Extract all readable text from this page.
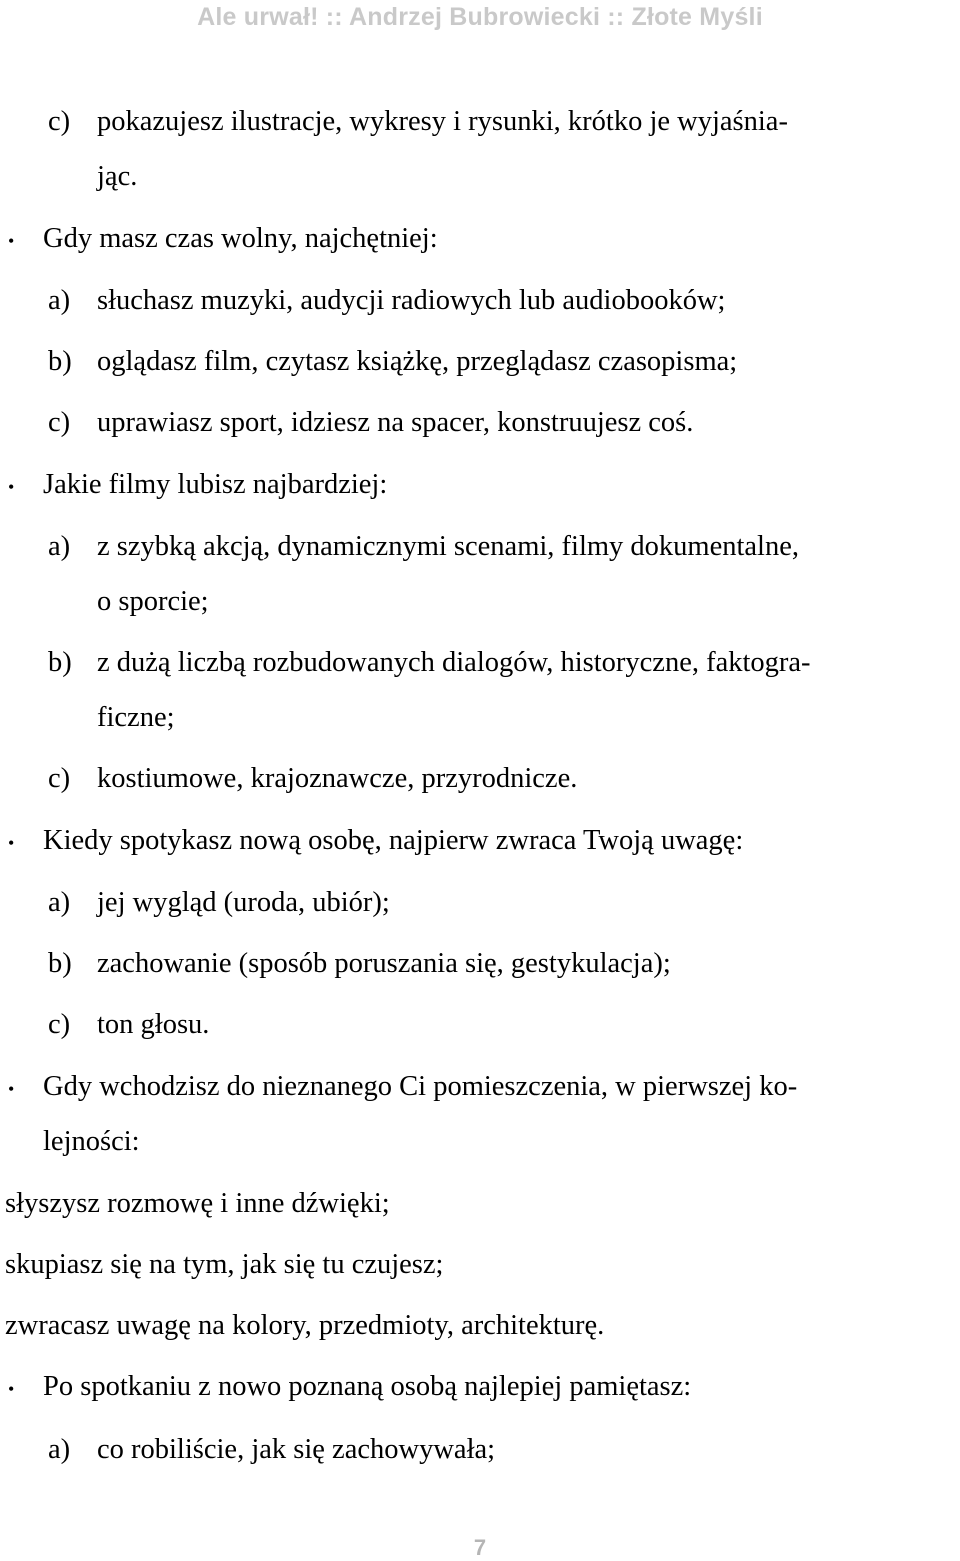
Ale urwał! :: Andrzej Bubrowiecki :: Złote Myśli
c) pokazujesz ilustracje, wykresy i rysunki, krótko je wyjaśnia-
jąc.
• Gdy masz czas wolny, najchętniej:
a) słuchasz muzyki, audycji radiowych lub audiobooków;
b) oglądasz film, czytasz książkę, przeglądasz czasopisma;
c) uprawiasz sport, idziesz na spacer, konstruujesz coś.
• Jakie filmy lubisz najbardziej:
a) z szybką akcją, dynamicznymi scenami, filmy dokumentalne,
o sporcie;
b) z dużą liczbą rozbudowanych dialogów, historyczne, faktogra-
ficzne;
c) kostiumowe, krajoznawcze, przyrodnicze.
• Kiedy spotykasz nową osobę, najpierw zwraca Twoją uwagę:
a) jej wygląd (uroda, ubiór);
b) zachowanie (sposób poruszania się, gestykulacja);
c) ton głosu.
• Gdy wchodzisz do nieznanego Ci pomieszczenia, w pierwszej ko-
lejności:
słyszysz rozmowę i inne dźwięki;
skupiasz się na tym, jak się tu czujesz;
zwracasz uwagę na kolory, przedmioty, architekturę.
• Po spotkaniu z nowo poznaną osobą najlepiej pamiętasz:
a) co robiliście, jak się zachowywała;
7
